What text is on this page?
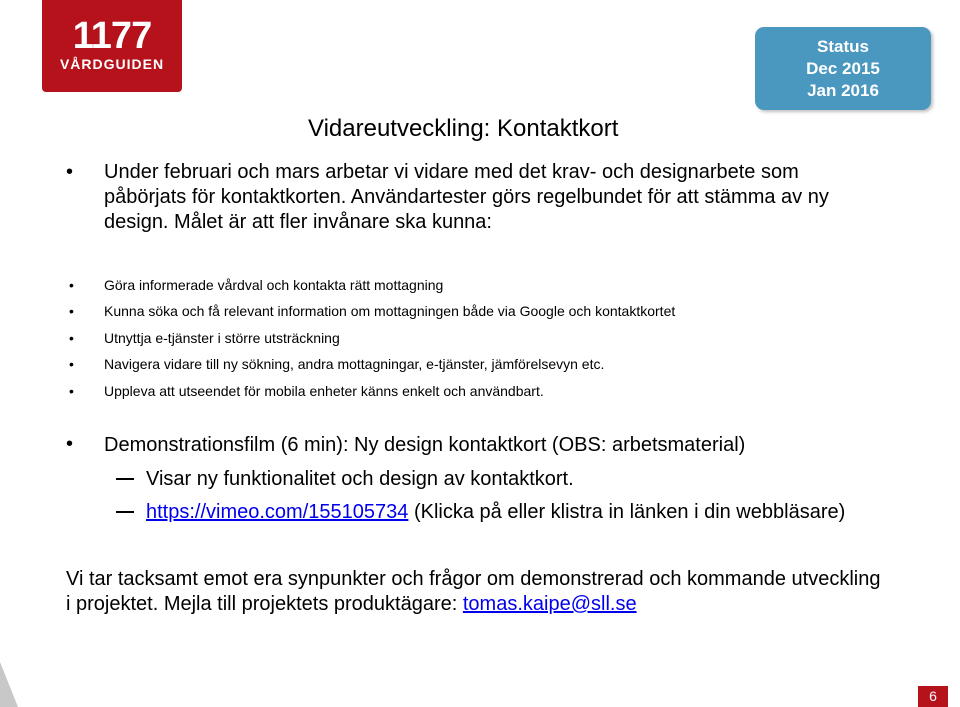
1177
VÅRDGUIDEN
Status
Dec 2015
Jan 2016
Vidareutveckling: Kontaktkort
• Under februari och mars arbetar vi vidare med det krav- och designarbete som påbörjats för kontaktkorten. Användartester görs regelbundet för att stämma av ny design. Målet är att fler invånare ska kunna:
• Göra informerade vårdval och kontakta rätt mottagning
• Kunna söka och få relevant information om mottagningen både via Google och kontaktkortet
• Utnyttja e-tjänster i större utsträckning
• Navigera vidare till ny sökning, andra mottagningar, e-tjänster, jämförelsevyn etc.
• Uppleva att utseendet för mobila enheter känns enkelt och användbart.
• Demonstrationsfilm (6 min): Ny design kontaktkort (OBS: arbetsmaterial)
Visar ny funktionalitet och design av kontaktkort.
https://vimeo.com/155105734 (Klicka på eller klistra in länken i din webbläsare)
Vi tar tacksamt emot era synpunkter och frågor om demonstrerad och kommande utveckling i projektet. Mejla till projektets produktägare: tomas.kaipe@sll.se
6
